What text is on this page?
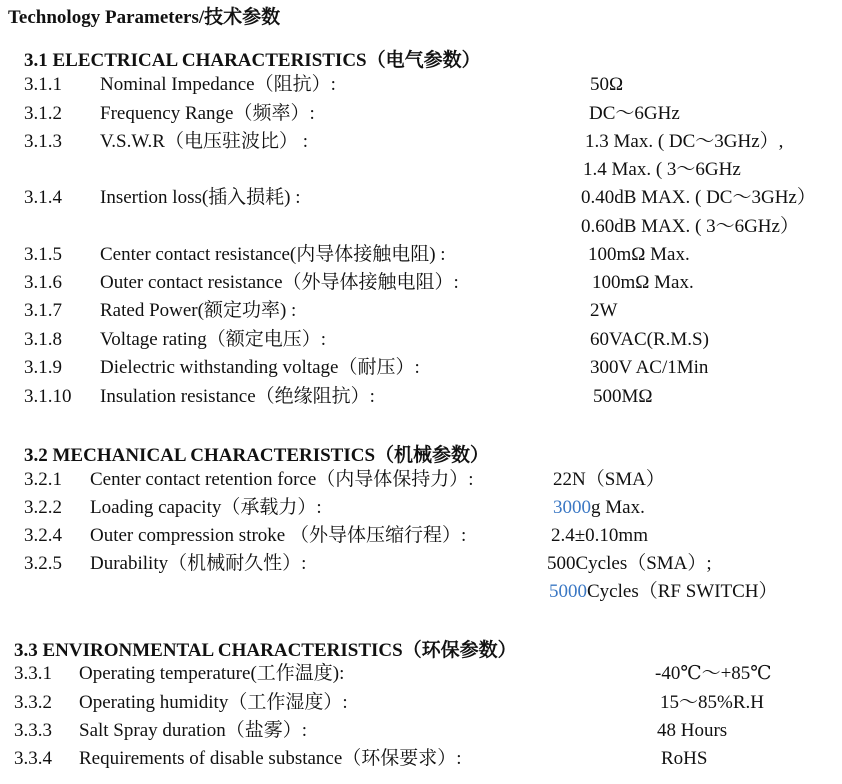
Technology Parameters/技术参数
3.1 ELECTRICAL CHARACTERISTICS（电气参数）
3.1.1 Nominal Impedance（阻抗）:	50Ω
3.1.2 Frequency Range（频率）:	DC～6GHz
3.1.3 V.S.W.R（电压驻波比） :	1.3 Max. ( DC～3GHz）,
1.4 Max. ( 3～6GHz
3.1.4 Insertion loss(插入损耗) :	0.40dB MAX. ( DC～3GHz）
0.60dB MAX. ( 3～6GHz）
3.1.5 Center contact resistance(内导体接触电阻) :	100mΩ Max.
3.1.6 Outer contact resistance（外导体接触电阻）:	100mΩ Max.
3.1.7 Rated Power(额定功率) :	2W
3.1.8 Voltage rating（额定电压）:	60VAC(R.M.S)
3.1.9 Dielectric withstanding voltage（耐压）:	300V AC/1Min
3.1.10 Insulation resistance（绝缘阻抗）:	500MΩ
3.2 MECHANICAL CHARACTERISTICS（机械参数）
3.2.1 Center contact retention force（内导体保持力）:	22N（SMA）
3.2.2 Loading capacity（承载力）:	3000g Max.
3.2.4 Outer compression stroke （外导体压缩行程）:	2.4±0.10mm
3.2.5 Durability（机械耐久性）:	500Cycles（SMA）;
5000Cycles（RF SWITCH）
3.3 ENVIRONMENTAL CHARACTERISTICS（环保参数）
3.3.1 Operating temperature(工作温度):	-40℃～+85℃
3.3.2 Operating humidity（工作湿度）:	15～85%R.H
3.3.3 Salt Spray duration（盐雾）:	48 Hours
3.3.4 Requirements of disable substance（环保要求）:	RoHS
